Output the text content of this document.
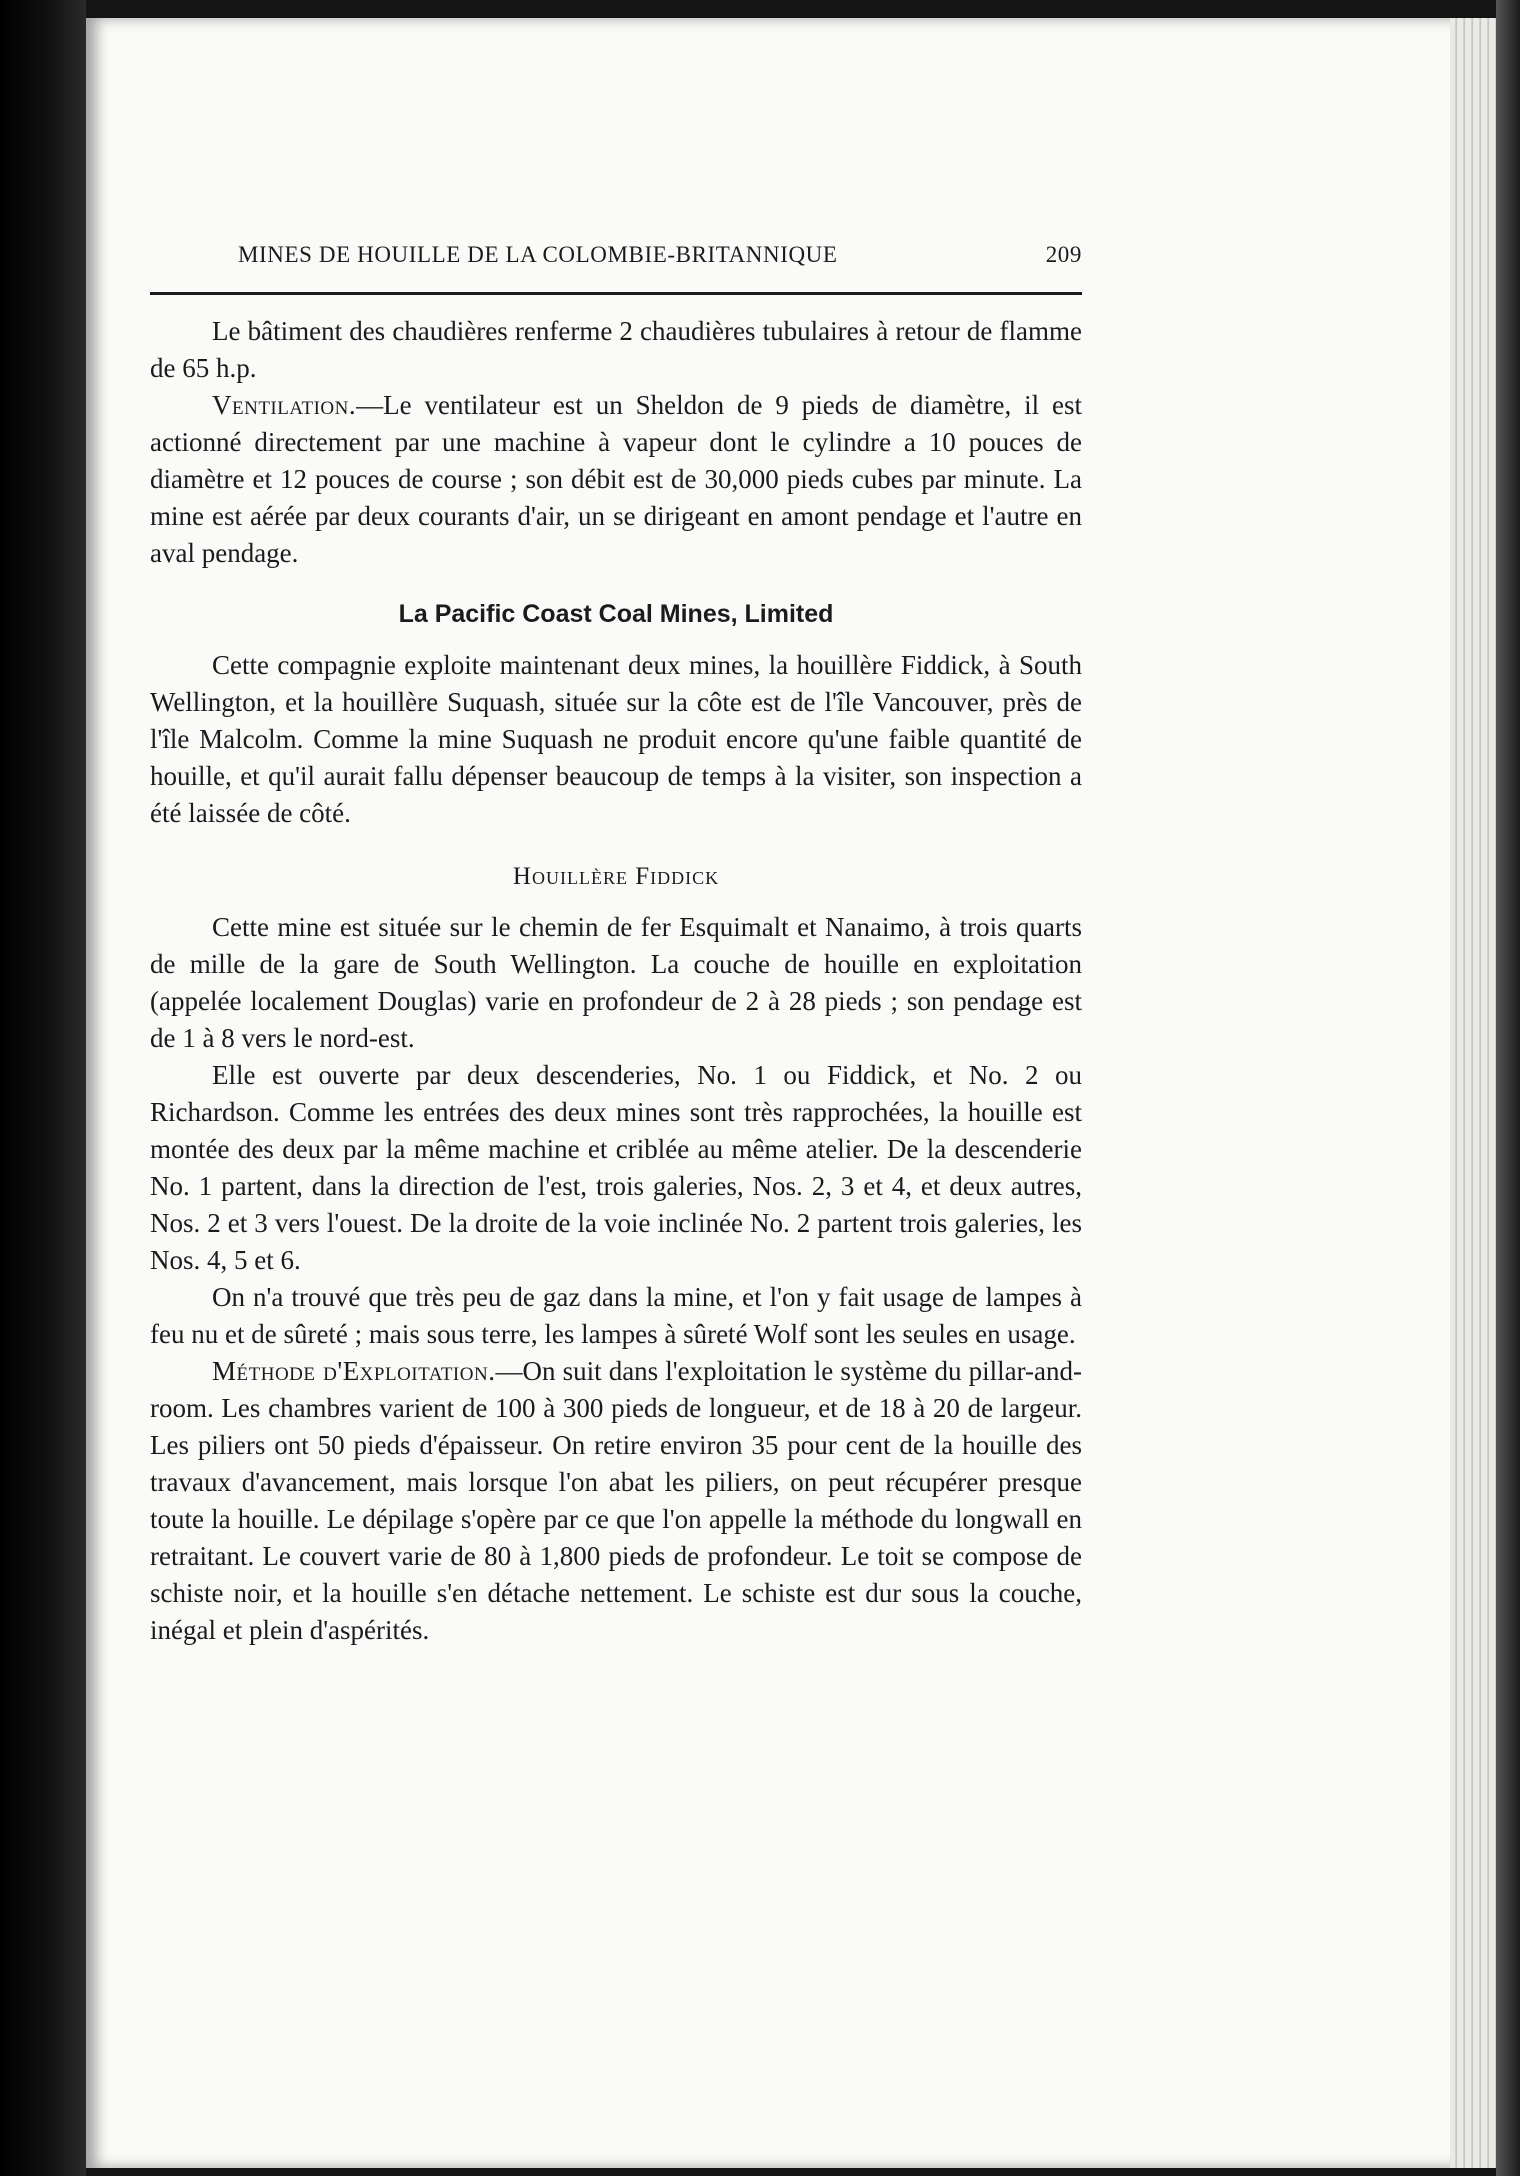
MINES DE HOUILLE DE LA COLOMBIE-BRITANNIQUE	209

Le bâtiment des chaudières renferme 2 chaudières tubulaires à retour de flamme de 65 h.p.

Ventilation.—Le ventilateur est un Sheldon de 9 pieds de diamètre, il est actionné directement par une machine à vapeur dont le cylindre a 10 pouces de diamètre et 12 pouces de course ; son débit est de 30,000 pieds cubes par minute. La mine est aérée par deux courants d'air, un se dirigeant en amont pendage et l'autre en aval pendage.

La Pacific Coast Coal Mines, Limited

Cette compagnie exploite maintenant deux mines, la houillère Fiddick, à South Wellington, et la houillère Suquash, située sur la côte est de l'île Vancouver, près de l'île Malcolm. Comme la mine Suquash ne produit encore qu'une faible quantité de houille, et qu'il aurait fallu dépenser beaucoup de temps à la visiter, son inspection a été laissée de côté.

Houillère Fiddick

Cette mine est située sur le chemin de fer Esquimalt et Nanaimo, à trois quarts de mille de la gare de South Wellington. La couche de houille en exploitation (appelée localement Douglas) varie en profondeur de 2 à 28 pieds ; son pendage est de 1 à 8 vers le nord-est.

Elle est ouverte par deux descenderies, No. 1 ou Fiddick, et No. 2 ou Richardson. Comme les entrées des deux mines sont très rapprochées, la houille est montée des deux par la même machine et criblée au même atelier. De la descenderie No. 1 partent, dans la direction de l'est, trois galeries, Nos. 2, 3 et 4, et deux autres, Nos. 2 et 3 vers l'ouest. De la droite de la voie inclinée No. 2 partent trois galeries, les Nos. 4, 5 et 6.

On n'a trouvé que très peu de gaz dans la mine, et l'on y fait usage de lampes à feu nu et de sûreté ; mais sous terre, les lampes à sûreté Wolf sont les seules en usage.

Méthode d'Exploitation.—On suit dans l'exploitation le système du pillar-and-room. Les chambres varient de 100 à 300 pieds de longueur, et de 18 à 20 de largeur. Les piliers ont 50 pieds d'épaisseur. On retire environ 35 pour cent de la houille des travaux d'avancement, mais lorsque l'on abat les piliers, on peut récupérer presque toute la houille. Le dépilage s'opère par ce que l'on appelle la méthode du longwall en retraitant. Le couvert varie de 80 à 1,800 pieds de profondeur. Le toit se compose de schiste noir, et la houille s'en détache nettement. Le schiste est dur sous la couche, inégal et plein d'aspérités.
